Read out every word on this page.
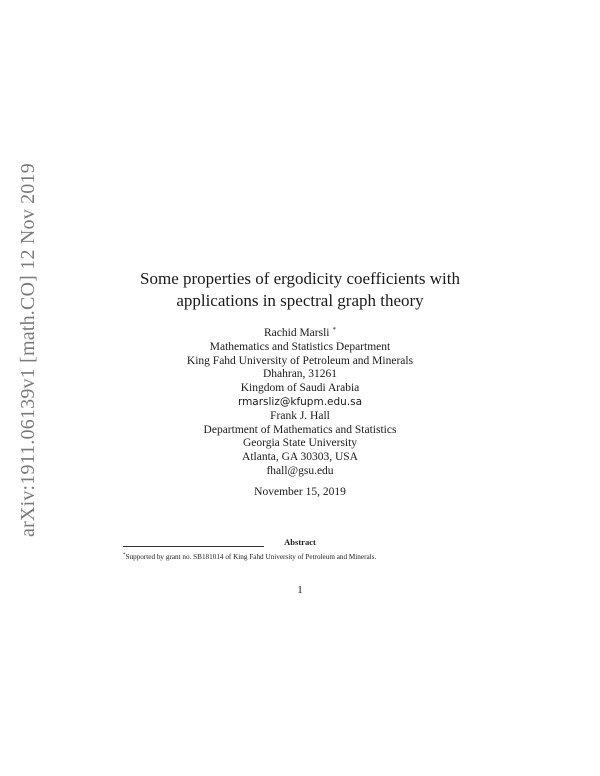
arXiv:1911.06139v1 [math.CO] 12 Nov 2019	Some properties of ergodicity coefficients with
applications in spectral graph theory
Rachid Marsli *
Mathematics and Statistics Department
King Fahd University of Petroleum and Minerals
Dhahran, 31261
Kingdom of Saudi Arabia
rmarsliz@kfupm.edu.sa
Frank J. Hall
Department of Mathematics and Statistics
Georgia State University
Atlanta, GA 30303, USA
fhall@gsu.edu
November 15, 2019
Abstract
*Supported by grant no. SB181014 of King Fahd University of Petroleum and Minerals.
1
